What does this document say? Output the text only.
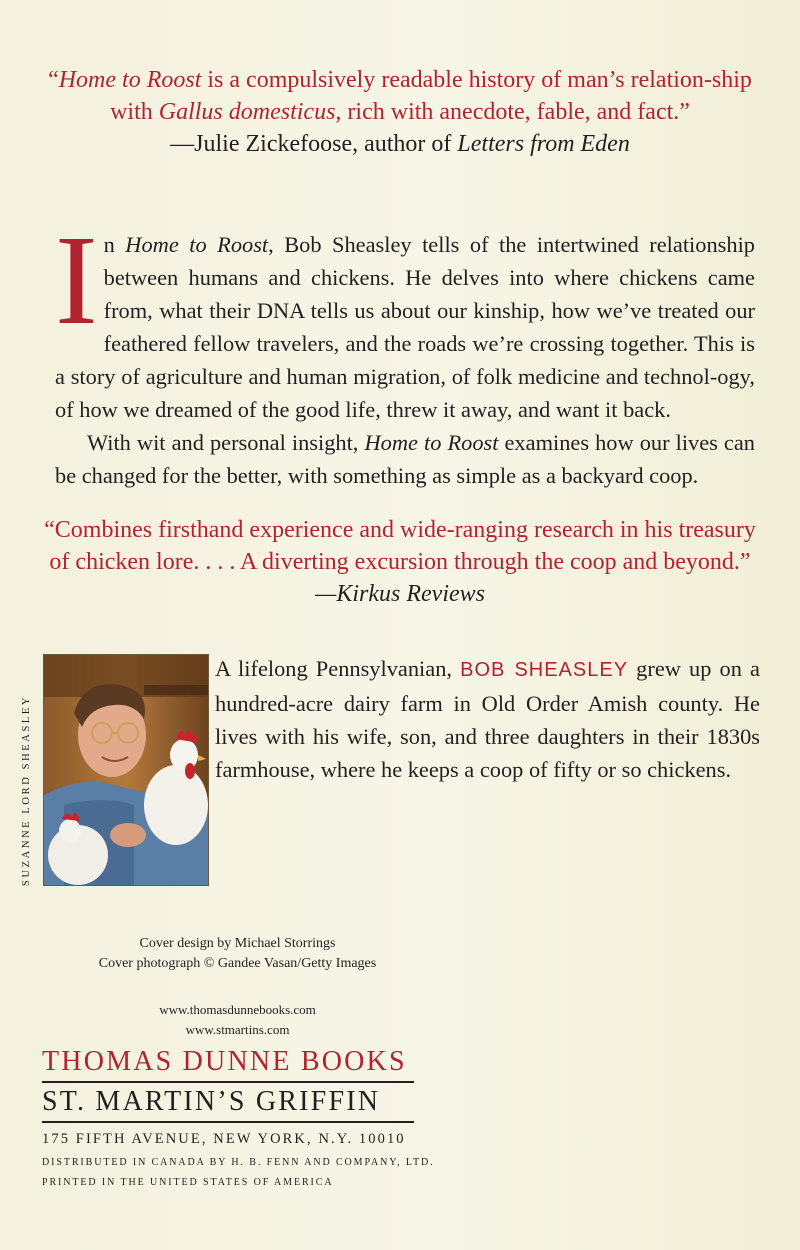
“Home to Roost is a compulsively readable history of man’s relation-ship with Gallus domesticus, rich with anecdote, fable, and fact.”
—Julie Zickefoose, author of Letters from Eden

In Home to Roost, Bob Sheasley tells of the intertwined relationship between humans and chickens. He delves into where chickens came from, what their DNA tells us about our kinship, how we’ve treated our feathered fellow travelers, and the roads we’re crossing together. This is a story of agriculture and human migration, of folk medicine and technol-ogy, of how we dreamed of the good life, threw it away, and want it back.

With wit and personal insight, Home to Roost examines how our lives can be changed for the better, with something as simple as a backyard coop.

“Combines firsthand experience and wide-ranging research in his treasury of chicken lore. . . . A diverting excursion through the coop and beyond.”
—Kirkus Reviews
SUZANNE LORD SHEASLEY
A lifelong Pennsylvanian, BOB SHEASLEY grew up on a hundred-acre dairy farm in Old Order Amish county. He lives with his wife, son, and three daughters in their 1830s farmhouse, where he keeps a coop of fifty or so chickens.
Cover design by Michael Storrings
Cover photograph © Gandee Vasan/Getty Images
www.thomasdunnebooks.com
www.stmartins.com
THOMAS DUNNE BOOKS
ST. MARTIN’S GRIFFIN
175 FIFTH AVENUE, NEW YORK, N.Y. 10010
DISTRIBUTED IN CANADA BY H. B. FENN AND COMPANY, LTD.
PRINTED IN THE UNITED STATES OF AMERICA
